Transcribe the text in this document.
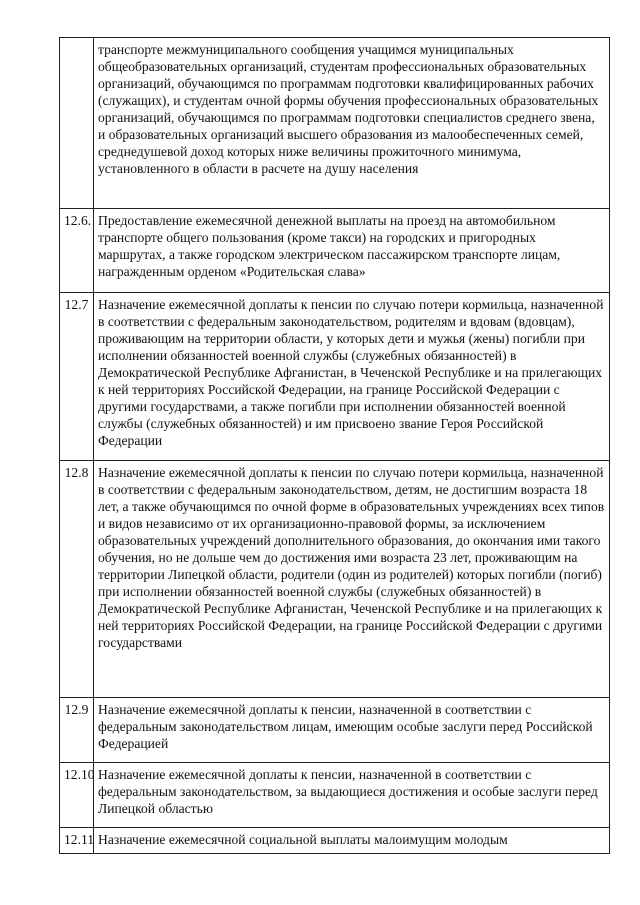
	транспорте межмуниципального сообщения учащимся муниципальных общеобразовательных организаций, студентам профессиональных образовательных организаций, обучающимся по программам подготовки квалифицированных рабочих (служащих), и студентам очной формы обучения профессиональных образовательных организаций, обучающимся по программам подготовки специалистов среднего звена, и образовательных организаций высшего образования из малообеспеченных семей, среднедушевой доход которых ниже величины прожиточного минимума, установленного в области в расчете на душу населения
12.6.	Предоставление ежемесячной денежной выплаты на проезд на автомобильном транспорте общего пользования (кроме такси) на городских и пригородных маршрутах, а также городском электрическом пассажирском транспорте лицам, награжденным орденом «Родительская слава»
12.7	Назначение ежемесячной доплаты к пенсии по случаю потери кормильца, назначенной в соответствии с федеральным законодательством, родителям и вдовам (вдовцам), проживающим на территории области, у которых дети и мужья (жены) погибли при исполнении обязанностей военной службы (служебных обязанностей) в Демократической Республике Афганистан, в Чеченской Республике и на прилегающих к ней территориях Российской Федерации, на границе Российской Федерации с другими государствами, а также погибли при исполнении обязанностей военной службы (служебных обязанностей) и им присвоено звание Героя Российской Федерации
12.8	Назначение ежемесячной доплаты к пенсии по случаю потери кормильца, назначенной в соответствии с федеральным законодательством, детям, не достигшим возраста 18 лет, а также обучающимся по очной форме в образовательных учреждениях всех типов и видов независимо от их организационно-правовой формы, за исключением образовательных учреждений дополнительного образования, до окончания ими такого обучения, но не дольше чем до достижения ими возраста 23 лет, проживающим на территории Липецкой области, родители (один из родителей) которых погибли (погиб) при исполнении обязанностей военной службы (служебных обязанностей) в Демократической Республике Афганистан, Чеченской Республике и на прилегающих к ней территориях Российской Федерации, на границе Российской Федерации с другими государствами
12.9	Назначение ежемесячной доплаты к пенсии, назначенной в соответствии с федеральным законодательством лицам, имеющим особые заслуги перед Российской Федерацией
12.10	Назначение ежемесячной доплаты к пенсии, назначенной в соответствии с федеральным законодательством, за выдающиеся достижения и особые заслуги перед Липецкой областью
12.11	Назначение ежемесячной социальной выплаты малоимущим молодым
